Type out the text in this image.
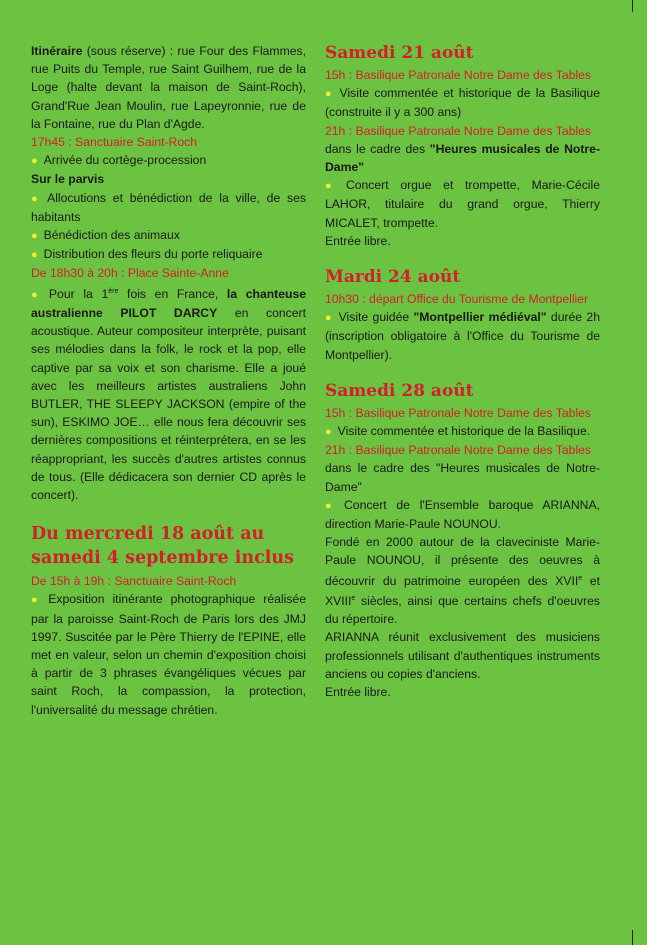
Itinéraire (sous réserve) : rue Four des Flammes, rue Puits du Temple, rue Saint Guilhem, rue de la Loge (halte devant la maison de Saint-Roch), Grand'Rue Jean Moulin, rue Lapeyronnie, rue de la Fontaine, rue du Plan d'Agde.

17h45 : Sanctuaire Saint-Roch

● Arrivée du cortège-procession

Sur le parvis

● Allocutions et bénédiction de la ville, de ses habitants

● Bénédiction des animaux

● Distribution des fleurs du porte reliquaire

De 18h30 à 20h : Place Sainte-Anne

● Pour la 1ère fois en France, la chanteuse australienne PILOT DARCY en concert acoustique. Auteur compositeur interprète, puisant ses mélodies dans la folk, le rock et la pop, elle captive par sa voix et son charisme. Elle a joué avec les meilleurs artistes australiens John BUTLER, THE SLEEPY JACKSON (empire of the sun), ESKIMO JOE… elle nous fera découvrir ses dernières compositions et réinterprétera, en se les réappropriant, les succès d'autres artistes connus de tous. (Elle dédicacera son dernier CD après le concert).

Du mercredi 18 août au samedi 4 septembre inclus

De 15h à 19h : Sanctuaire Saint-Roch

● Exposition itinérante photographique réalisée par la paroisse Saint-Roch de Paris lors des JMJ 1997. Suscitée par le Père Thierry de l'EPINE, elle met en valeur, selon un chemin d'exposition choisi à partir de 3 phrases évangéliques vécues par saint Roch, la compassion, la protection, l'universalité du message chrétien.

Samedi 21 août

15h : Basilique Patronale Notre Dame des Tables

● Visite commentée et historique de la Basilique (construite il y a 300 ans)

21h : Basilique Patronale Notre Dame des Tables

dans le cadre des "Heures musicales de Notre-Dame"

● Concert orgue et trompette, Marie-Cécile LAHOR, titulaire du grand orgue, Thierry MICALET, trompette.

Entrée libre.

Mardi 24 août

10h30 : départ Office du Tourisme de Montpellier

● Visite guidée "Montpellier médiéval" durée 2h (inscription obligatoire à l'Office du Tourisme de Montpellier).

Samedi 28 août

15h : Basilique Patronale Notre Dame des Tables

● Visite commentée et historique de la Basilique.

21h : Basilique Patronale Notre Dame des Tables

dans le cadre des "Heures musicales de Notre-Dame"

● Concert de l'Ensemble baroque ARIANNA, direction Marie-Paule NOUNOU.

Fondé en 2000 autour de la claveciniste Marie-Paule NOUNOU, il présente des oeuvres à découvrir du patrimoine européen des XVIIe et XVIIIe siècles, ainsi que certains chefs d'oeuvres du répertoire.

ARIANNA réunit exclusivement des musiciens professionnels utilisant d'authentiques instruments anciens ou copies d'anciens.

Entrée libre.
